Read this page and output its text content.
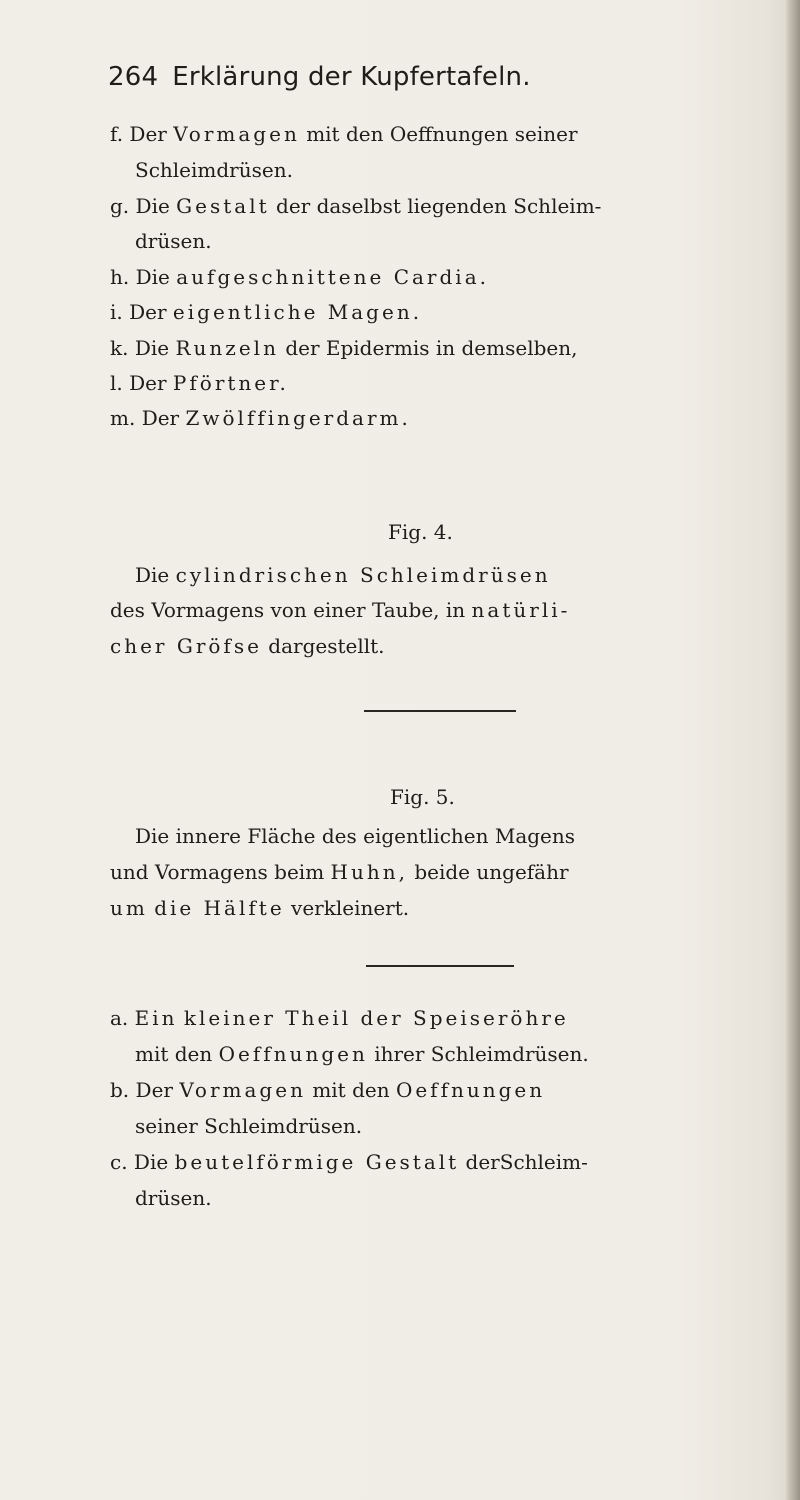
264 Erklärung der Kupfertafeln.
f. Der Vormagen mit den Oeffnungen seiner
Schleimdrüsen.
g. Die Gestalt der daselbst liegenden Schleim-
drüsen.
h. Die aufgeschnittene Cardia.
i. Der eigentliche Magen.
k. Die Runzeln der Epidermis in demselben,
l. Der Pförtner.
m. Der Zwölffingerdarm.
Fig. 4.
Die cylindrischen Schleimdrüsen
des Vormagens von einer Taube, in natürli-
cher Gröfse dargestellt.
Fig. 5.
Die innere Fläche des eigentlichen Magens
und Vormagens beim Huhn, beide ungefähr
um die Hälfte verkleinert.
a. Ein kleiner Theil der Speiseröhre
mit den Oeffnungen ihrer Schleimdrüsen.
b. Der Vormagen mit den Oeffnungen
seiner Schleimdrüsen.
c. Die beutelförmige Gestalt derSchleim-
drüsen.
